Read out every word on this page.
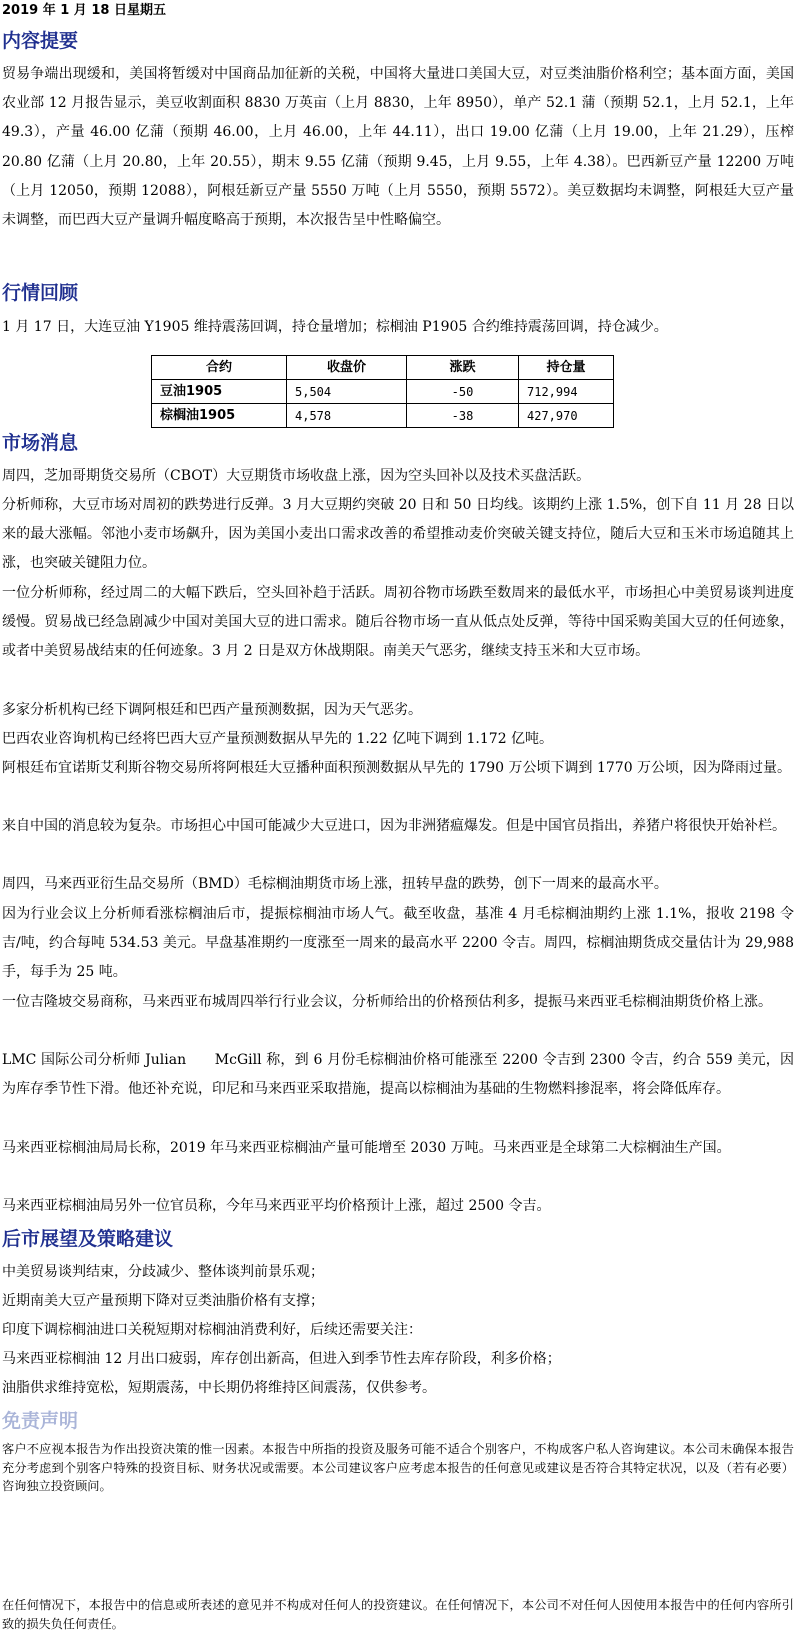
2019 年 1 月 18 日星期五
内容提要

贸易争端出现缓和，美国将暂缓对中国商品加征新的关税，中国将大量进口美国大豆，对豆类油脂价格利空；基本面方面，美国农业部 12 月报告显示，美豆收割面积 8830 万英亩（上月 8830，上年 8950），单产 52.1 蒲（预期 52.1，上月 52.1，上年 49.3），产量 46.00 亿蒲（预期 46.00，上月 46.00，上年 44.11），出口 19.00 亿蒲（上月 19.00，上年 21.29），压榨 20.80 亿蒲（上月 20.80，上年 20.55），期末 9.55 亿蒲（预期 9.45，上月 9.55，上年 4.38）。巴西新豆产量 12200 万吨（上月 12050，预期 12088），阿根廷新豆产量 5550 万吨（上月 5550，预期 5572）。美豆数据均未调整，阿根廷大豆产量未调整，而巴西大豆产量调升幅度略高于预期，本次报告呈中性略偏空。

行情回顾

1 月 17 日，大连豆油 Y1905 维持震荡回调，持仓量增加；棕榈油 P1905 合约维持震荡回调，持仓减少。

合约	收盘价	涨跌	持仓量
豆油1905	5,504	-50	712,994
棕榈油1905	4,578	-38	427,970
市场消息

周四，芝加哥期货交易所（CBOT）大豆期货市场收盘上涨，因为空头回补以及技术买盘活跃。

分析师称，大豆市场对周初的跌势进行反弹。3 月大豆期约突破 20 日和 50 日均线。该期约上涨 1.5%，创下自 11 月 28 日以来的最大涨幅。邻池小麦市场飙升，因为美国小麦出口需求改善的希望推动麦价突破关键支持位，随后大豆和玉米市场追随其上涨，也突破关键阻力位。

一位分析师称，经过周二的大幅下跌后，空头回补趋于活跃。周初谷物市场跌至数周来的最低水平，市场担心中美贸易谈判进度缓慢。贸易战已经急剧减少中国对美国大豆的进口需求。随后谷物市场一直从低点处反弹，等待中国采购美国大豆的任何迹象，或者中美贸易战结束的任何迹象。3 月 2 日是双方休战期限。南美天气恶劣，继续支持玉米和大豆市场。

多家分析机构已经下调阿根廷和巴西产量预测数据，因为天气恶劣。

巴西农业咨询机构已经将巴西大豆产量预测数据从早先的 1.22 亿吨下调到 1.172 亿吨。

阿根廷布宜诺斯艾利斯谷物交易所将阿根廷大豆播种面积预测数据从早先的 1790 万公顷下调到 1770 万公顷，因为降雨过量。

来自中国的消息较为复杂。市场担心中国可能减少大豆进口，因为非洲猪瘟爆发。但是中国官员指出，养猪户将很快开始补栏。

周四，马来西亚衍生品交易所（BMD）毛棕榈油期货市场上涨，扭转早盘的跌势，创下一周来的最高水平。

因为行业会议上分析师看涨棕榈油后市，提振棕榈油市场人气。截至收盘，基准 4 月毛棕榈油期约上涨 1.1%，报收 2198 令吉/吨，约合每吨 534.53 美元。早盘基准期约一度涨至一周来的最高水平 2200 令吉。周四，棕榈油期货成交量估计为 29,988 手，每手为 25 吨。

一位吉隆坡交易商称，马来西亚布城周四举行行业会议，分析师给出的价格预估利多，提振马来西亚毛棕榈油期货价格上涨。

LMC 国际公司分析师 Julian　　McGill 称，到 6 月份毛棕榈油价格可能涨至 2200 令吉到 2300 令吉，约合 559 美元，因为库存季节性下滑。他还补充说，印尼和马来西亚采取措施，提高以棕榈油为基础的生物燃料掺混率，将会降低库存。

马来西亚棕榈油局局长称，2019 年马来西亚棕榈油产量可能增至 2030 万吨。马来西亚是全球第二大棕榈油生产国。

马来西亚棕榈油局另外一位官员称，今年马来西亚平均价格预计上涨，超过 2500 令吉。

后市展望及策略建议

中美贸易谈判结束，分歧减少、整体谈判前景乐观；

近期南美大豆产量预期下降对豆类油脂价格有支撑；

印度下调棕榈油进口关税短期对棕榈油消费利好，后续还需要关注：

马来西亚棕榈油 12 月出口疲弱，库存创出新高，但进入到季节性去库存阶段，利多价格；

油脂供求维持宽松，短期震荡，中长期仍将维持区间震荡，仅供参考。

免责声明

客户不应视本报告为作出投资决策的惟一因素。本报告中所指的投资及服务可能不适合个别客户，不构成客户私人咨询建议。本公司未确保本报告充分考虑到个别客户特殊的投资目标、财务状况或需要。本公司建议客户应考虑本报告的任何意见或建议是否符合其特定状况，以及（若有必要）咨询独立投资顾问。

在任何情况下，本报告中的信息或所表述的意见并不构成对任何人的投资建议。在任何情况下，本公司不对任何人因使用本报告中的任何内容所引致的损失负任何责任。
